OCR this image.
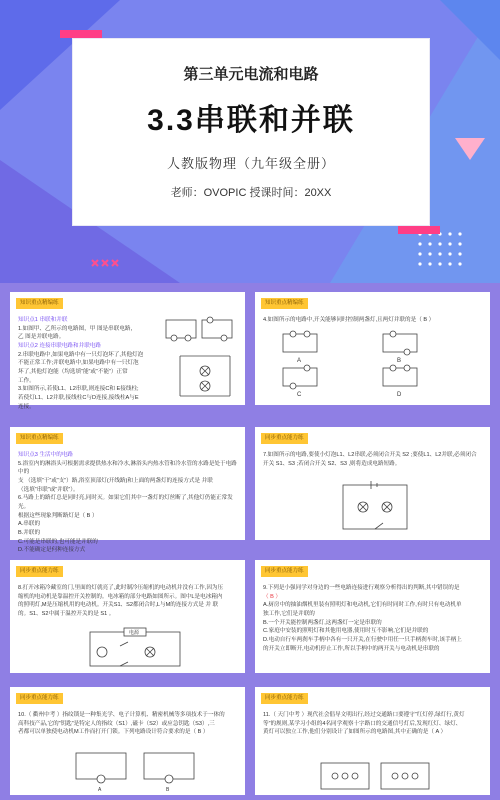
第三单元电流和电路
3.3串联和并联
人教版物理（九年级全册）
老师：OVOPIC 授课时间：20XX
知识重点精编练
知识点1 串联和并联
1.如图甲、乙所示的电路图，甲 图是串联电路，
乙 图是并联电路。
知识点2 连接串联电路和并联电路
2.串联电路中,如果电路中有一只灯泡坏了,其他灯泡
不能正常工作;并联电路中,如果电路中有一只灯泡
坏了,其他灯泡能（均选填“能”或“不能”）正常
工作。
3.如图所示,若使L1、L2串联,则连接C和 E接线柱;
若使灯L1、L2并联,接线柱C与D连接,接线柱A与E
连接。
知识重点精编练
4.如图所示的电路中,开关能够同时控制两盏灯,且两灯并联的是（ B ）
A	B
C	D
知识重点精编练
知识点3 生活中的电路
5.浴室内的淋浴头可根据需求提供热水和冷水,淋浴头内热水管和冷水管的水路是处于电路中的
支 （选填“干”或“支”）路,浴室顶部灯(开线路)和上面的两盏灯的连接方式是 并联
（选填“串联”或“并联”）。
6.马路上的路灯总是同时亮,同时灭。如果它们其中一盏灯的灯丝断了,其他灯仍能正常发光。
根据这些现象判断路灯是（ B ）
A.串联的
B.并联的
C.可能是串联的,也可能是并联的
D.不能确定是何种连接方式
同步重点能力练
7.如图所示的电路,要使小灯泡L1、L2串联,必须闭合开关 S2 ;要使L1、L2并联,必须闭合
开关 S1、S3 ;若闭合开关 S2、S3 ,则将造成电路短路。
同步重点能力练
8.打开冰箱冷藏室的门,里面的灯就亮了,此时制冷压缩机的电动机并没有工作,因为压
缩机的电动机是靠温控开关控制的。电冰箱的部分电路如图所示。图中L是电冰箱内
的照明灯,M是压缩机用的电动机。开关S1、S2都闭合时,L与M的连接方式是 并 联
的。S1、S2中属于温控开关的是 S1 。
电源
同步重点能力练
9.下列是小强同学对身边的一些电路连接进行观察分析得出的判断,其中错误的是
（ B ）
A.厨房中的抽油烟机里装有照明灯和电动机,它们有时同时工作,有时只有电动机单
独工作,它们是并联的
B.一个开关能控制两盏灯,这两盏灯一定是串联的
C.家庭中安装的照明灯和其他用电器,使用时互不影响,它们是并联的
D.电动自行车两刹车手柄中各有一只开关,在行驶中用任一只手柄刹车时,该手柄上
的开关立即断开,电动机停止工作,所以手柄中的两开关与电动机是串联的
同步重点能力练
10.（ 衢州中考 ）指纹锁是一种集光学、电子计算机、精密机械等多项技术于一体的
高科技产品,它的“钥匙”是特定人的指纹（S1）,磁卡（S2）或应急钥匙（S3）,三
者都可以单独使电动机M工作而打开门锁。下列电路设计符合要求的是（ B ）
A	B
同步重点能力练
11.（ 天门中考 ）现代社会倡导文明出行,经过交通路口要遵守“红灯停,绿灯行,黄灯
等”的规则,某学习小组的4名同学观察十字路口的交通信号灯后,发现红灯、绿灯、
黄灯可以独立工作,他们分别设计了如图所示的电路图,其中正确的是（ A ）
